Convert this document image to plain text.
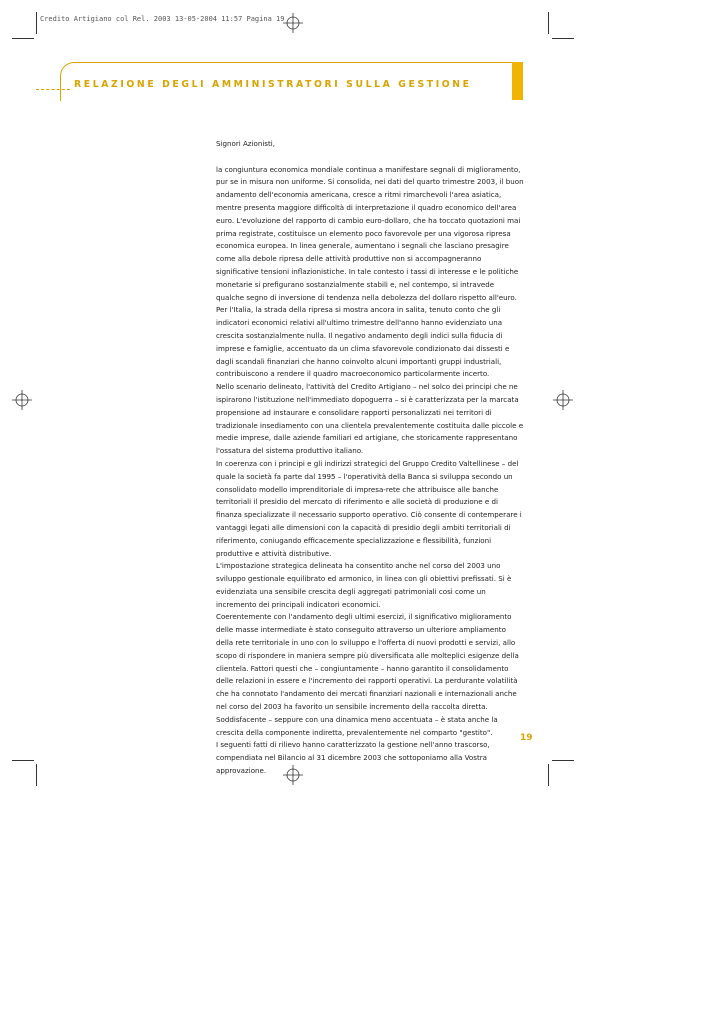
Credito Artigiano col Rel. 2003 13-05-2004 11:57 Pagina 19
RELAZIONE DEGLI AMMINISTRATORI SULLA GESTIONE

Signori Azionisti,

la congiuntura economica mondiale continua a manifestare segnali di miglioramento, pur se in misura non uniforme. Si consolida, nei dati del quarto trimestre 2003, il buon andamento dell'economia americana, cresce a ritmi rimarchevoli l'area asiatica, mentre presenta maggiore difficoltà di interpretazione il quadro economico dell'area euro. L'evoluzione del rapporto di cambio euro-dollaro, che ha toccato quotazioni mai prima registrate, costituisce un elemento poco favorevole per una vigorosa ripresa economica europea. In linea generale, aumentano i segnali che lasciano presagire come alla debole ripresa delle attività produttive non si accompagneranno significative tensioni inflazionistiche. In tale contesto i tassi di interesse e le politiche monetarie si prefigurano sostanzialmente stabili e, nel contempo, si intravede qualche segno di inversione di tendenza nella debolezza del dollaro rispetto all'euro.

Per l'Italia, la strada della ripresa si mostra ancora in salita, tenuto conto che gli indicatori economici relativi all'ultimo trimestre dell'anno hanno evidenziato una crescita sostanzialmente nulla. Il negativo andamento degli indici sulla fiducia di imprese e famiglie, accentuato da un clima sfavorevole condizionato dai dissesti e dagli scandali finanziari che hanno coinvolto alcuni importanti gruppi industriali, contribuiscono a rendere il quadro macroeconomico particolarmente incerto.

Nello scenario delineato, l'attività del Credito Artigiano – nel solco dei principi che ne ispirarono l'istituzione nell'immediato dopoguerra – si è caratterizzata per la marcata propensione ad instaurare e consolidare rapporti personalizzati nei territori di tradizionale insediamento con una clientela prevalentemente costituita dalle piccole e medie imprese, dalle aziende familiari ed artigiane, che storicamente rappresentano l'ossatura del sistema produttivo italiano.

In coerenza con i principi e gli indirizzi strategici del Gruppo Credito Valtellinese – del quale la società fa parte dal 1995 – l'operatività della Banca si sviluppa secondo un consolidato modello imprenditoriale di impresa-rete che attribuisce alle banche territoriali il presidio del mercato di riferimento e alle società di produzione e di finanza specializzate il necessario supporto operativo. Ciò consente di contemperare i vantaggi legati alle dimensioni con la capacità di presidio degli ambiti territoriali di riferimento, coniugando efficacemente specializzazione e flessibilità, funzioni produttive e attività distributive.

L'impostazione strategica delineata ha consentito anche nel corso del 2003 uno sviluppo gestionale equilibrato ed armonico, in linea con gli obiettivi prefissati. Si è evidenziata una sensibile crescita degli aggregati patrimoniali così come un incremento dei principali indicatori economici.

Coerentemente con l'andamento degli ultimi esercizi, il significativo miglioramento delle masse intermediate è stato conseguito attraverso un ulteriore ampliamento della rete territoriale in uno con lo sviluppo e l'offerta di nuovi prodotti e servizi, allo scopo di rispondere in maniera sempre più diversificata alle molteplici esigenze della clientela. Fattori questi che – congiuntamente – hanno garantito il consolidamento delle relazioni in essere e l'incremento dei rapporti operativi. La perdurante volatilità che ha connotato l'andamento dei mercati finanziari nazionali e internazionali anche nel corso del 2003 ha favorito un sensibile incremento della raccolta diretta. Soddisfacente – seppure con una dinamica meno accentuata – è stata anche la crescita della componente indiretta, prevalentemente nel comparto "gestito".

I seguenti fatti di rilievo hanno caratterizzato la gestione nell'anno trascorso, compendiata nel Bilancio al 31 dicembre 2003 che sottoponiamo alla Vostra approvazione.

19
